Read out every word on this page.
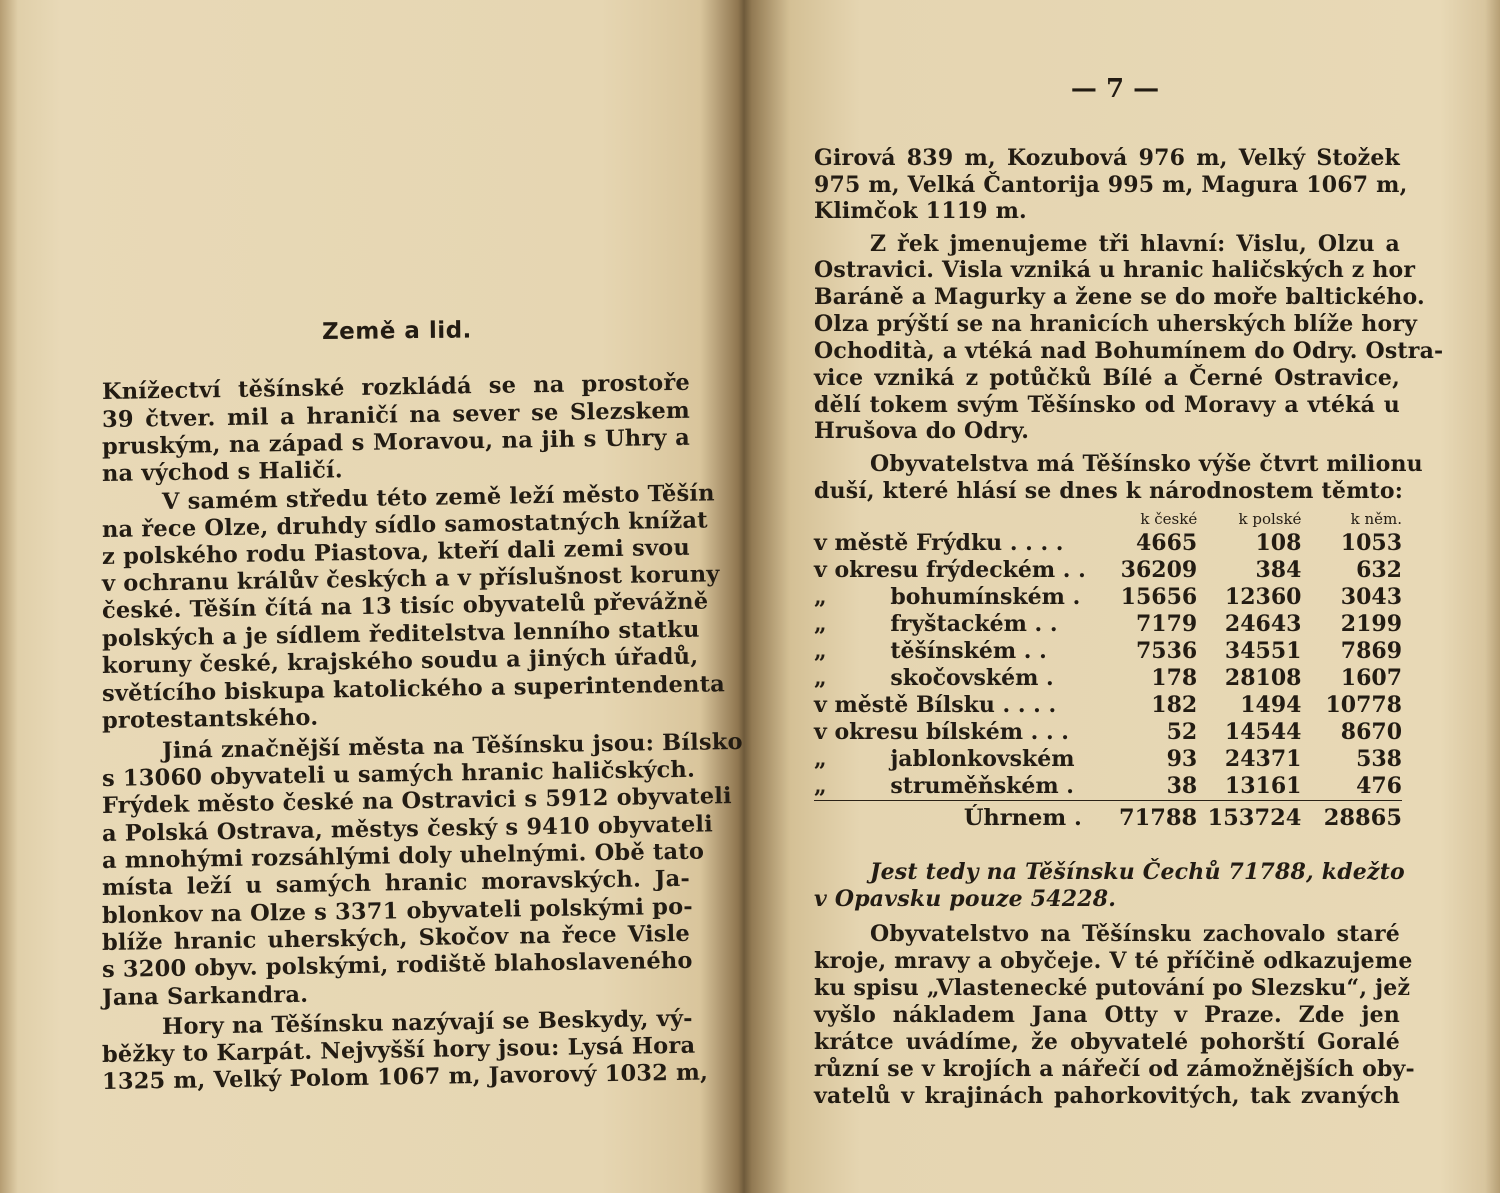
Země a lid.
Knížectví těšínské rozkládá se na prostoře
39 čtver. mil a hraničí na sever se Slezskem
pruským, na západ s Moravou, na jih s Uhry a
na východ s Haličí.
V samém středu této země leží město Těšín
na řece Olze, druhdy sídlo samostatných knížat
z polského rodu Piastova, kteří dali zemi svou
v ochranu králův českých a v příslušnost koruny
české. Těšín čítá na 13 tisíc obyvatelů převážně
polských a je sídlem ředitelstva lenního statku
koruny české, krajského soudu a jiných úřadů,
světícího biskupa katolického a superintendenta
protestantského.
Jiná značnější města na Těšínsku jsou: Bílsko
s 13060 obyvateli u samých hranic haličských.
Frýdek město české na Ostravici s 5912 obyvateli
a Polská Ostrava, městys český s 9410 obyvateli
a mnohými rozsáhlými doly uhelnými. Obě tato
místa leží u samých hranic moravských. Ja-
blonkov na Olze s 3371 obyvateli polskými po-
blíže hranic uherských, Skočov na řece Visle
s 3200 obyv. polskými, rodiště blahoslaveného
Jana Sarkandra.
Hory na Těšínsku nazývají se Beskydy, vý-
běžky to Karpát. Nejvyšší hory jsou: Lysá Hora
1325 m, Velký Polom 1067 m, Javorový 1032 m,
— 7 —
Girová 839 m, Kozubová 976 m, Velký Stožek
975 m, Velká Čantorija 995 m, Magura 1067 m,
Klimčok 1119 m.
Z řek jmenujeme tři hlavní: Vislu, Olzu a
Ostravici. Visla vzniká u hranic haličských z hor
Baráně a Magurky a žene se do moře baltického.
Olza prýští se na hranicích uherských blíže hory
Ochodità, a vtéká nad Bohumínem do Odry. Ostra-
vice vzniká z potůčků Bílé a Černé Ostravice,
dělí tokem svým Těšínsko od Moravy a vtéká u
Hrušova do Odry.
Obyvatelstva má Těšínsko výše čtvrt milionu
duší, které hlásí se dnes k národnostem těmto:
	k české	k polské	k něm.
v městě Frýdku . . . .	4665	108	1053
v okresu frýdeckém . .	36209	384	632
„ bohumínském .	15656	12360	3043
„ fryštackém . .	7179	24643	2199
„ těšínském . .	7536	34551	7869
„ skočovském .	178	28108	1607
v městě Bílsku . . . .	182	1494	10778
v okresu bílském . . .	52	14544	8670
„ jablonkovském	93	24371	538
„ struměňském .	38	13161	476
Úhrnem .	71788	153724	28865
Jest tedy na Těšínsku Čechů 71788, kdežto
v Opavsku pouze 54228.
Obyvatelstvo na Těšínsku zachovalo staré
kroje, mravy a obyčeje. V té příčině odkazujeme
ku spisu „Vlastenecké putování po Slezsku“, jež
vyšlo nákladem Jana Otty v Praze. Zde jen
krátce uvádíme, že obyvatelé pohorští Goralé
různí se v krojích a nářečí od zámožnějších oby-
vatelů v krajinách pahorkovitých, tak zvaných
